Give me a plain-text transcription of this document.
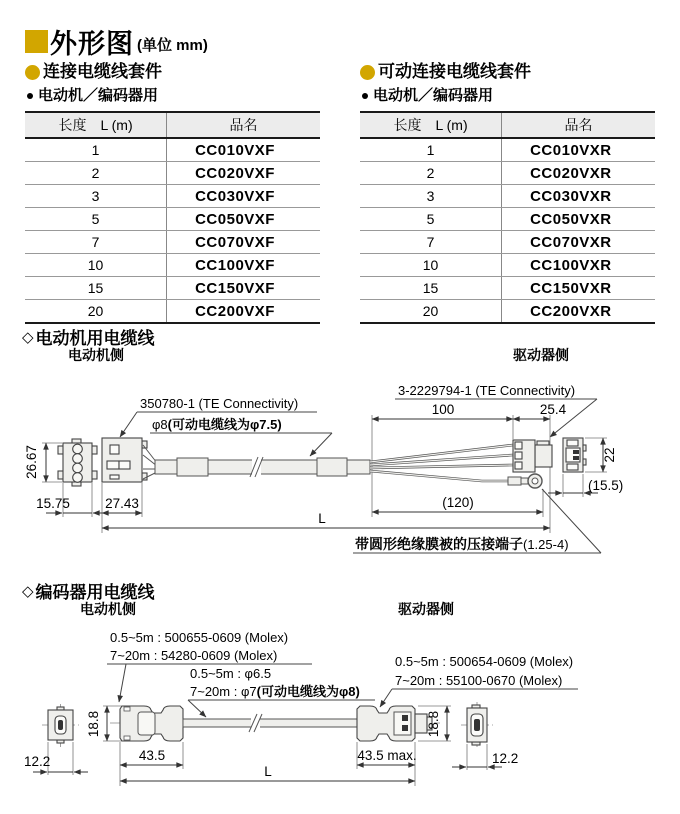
外形图 (单位 mm)
连接电缆线套件
电动机／编码器用
长度　L (m)	品名
1	CC010VXF
2	CC020VXF
3	CC030VXF
5	CC050VXF
7	CC070VXF
10	CC100VXF
15	CC150VXF
20	CC200VXF
可动连接电缆线套件
电动机／编码器用
长度　L (m)	品名
1	CC010VXR
2	CC020VXR
3	CC030VXR
5	CC050VXR
7	CC070VXR
10	CC100VXR
15	CC150VXR
20	CC200VXR
◇ 电动机用电缆线
电动机侧	驱动器侧
350780-1 (TE Connectivity)
φ8(可动电缆线为φ7.5)
3-2229794-1 (TE Connectivity)
100	25.4
26.67
15.75	27.43
22
(15.5)
(120)
L
带圆形绝缘膜被的压接端子(1.25-4)
◇ 编码器用电缆线
电动机侧	驱动器侧
0.5~5m : 500655-0609 (Molex)
7~20m : 54280-0609 (Molex)
0.5~5m : φ6.5
7~20m : φ7(可动电缆线为φ8)
0.5~5m : 500654-0609 (Molex)
7~20m : 55100-0670 (Molex)
18.8
12.2	43.5	43.5 max.
L
18.8
12.2
